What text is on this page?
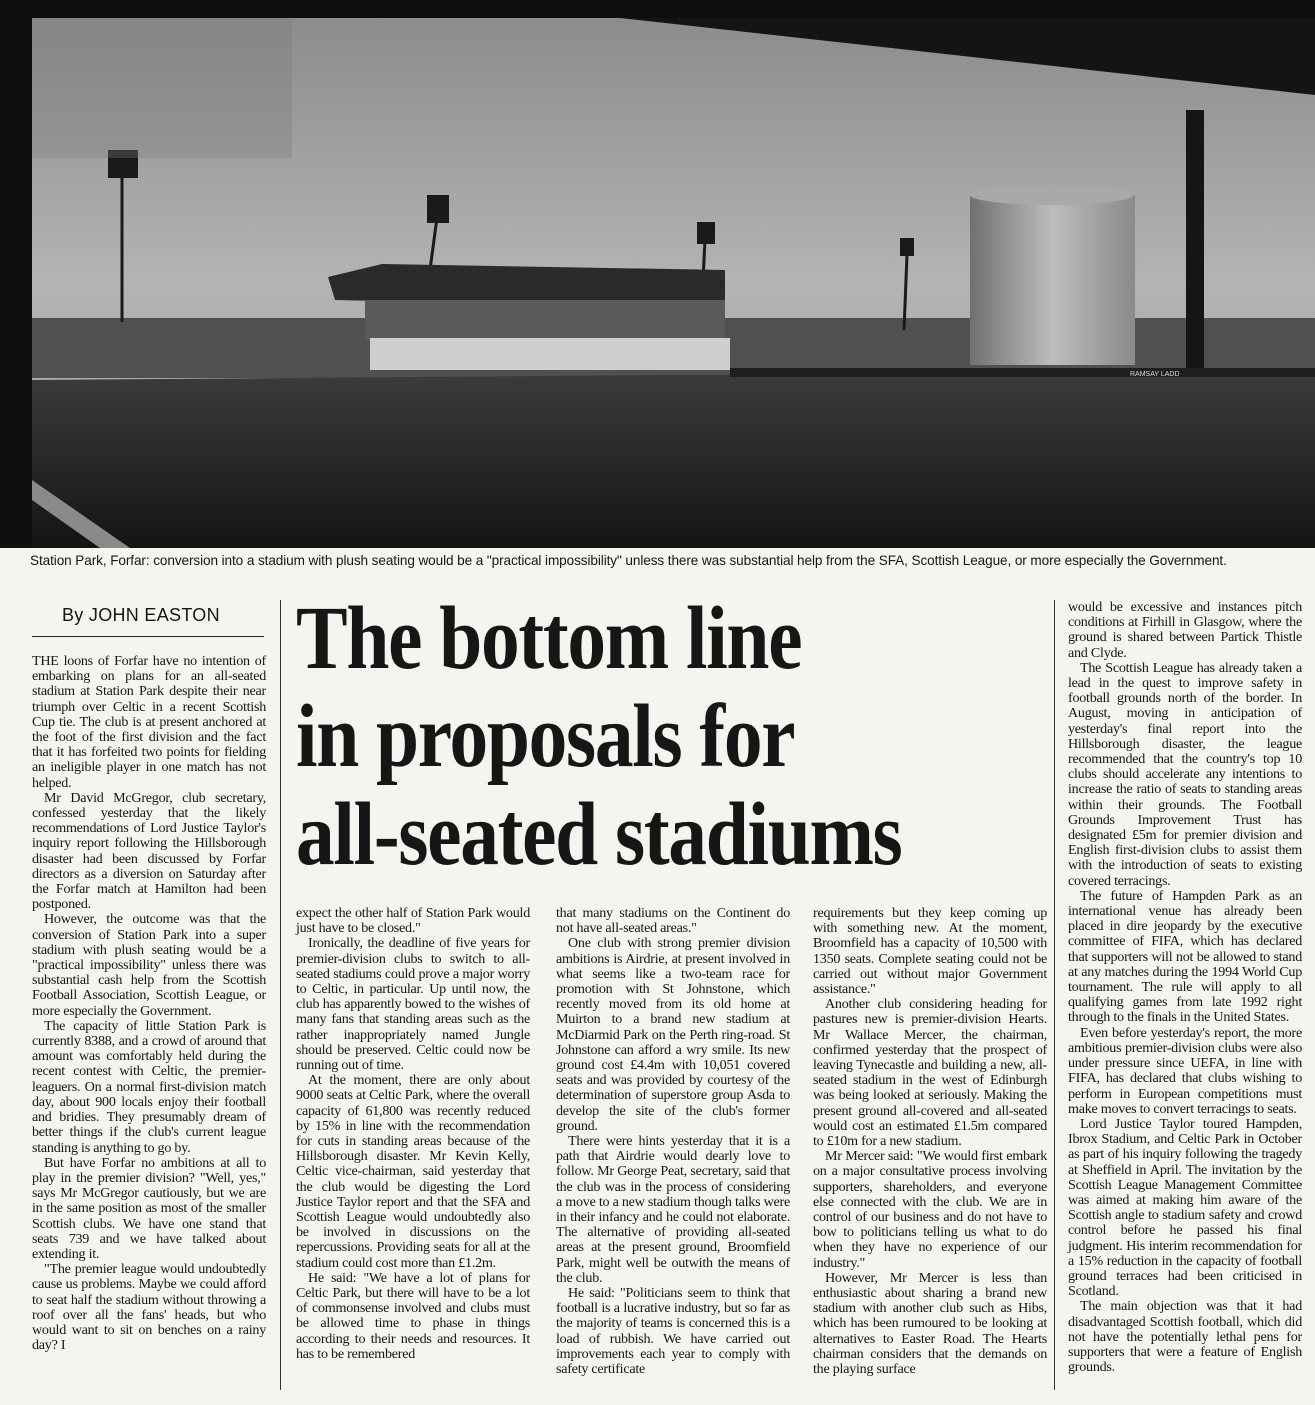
RAMSAY LADD
Station Park, Forfar: conversion into a stadium with plush seating would be a "practical impossibility" unless there was substantial help from the SFA, Scottish League, or more especially the Government.
By JOHN EASTON The bottom line
in proposals for
all-seated stadiums

THE loons of Forfar have no intention of embarking on plans for an all-seated stadium at Station Park despite their near triumph over Celtic in a recent Scottish Cup tie. The club is at present anchored at the foot of the first division and the fact that it has forfeited two points for fielding an ineligible player in one match has not helped.

Mr David McGregor, club secretary, confessed yesterday that the likely recommendations of Lord Justice Taylor's inquiry report following the Hillsborough disaster had been discussed by Forfar directors as a diversion on Saturday after the Forfar match at Hamilton had been postponed.

However, the outcome was that the conversion of Station Park into a super stadium with plush seating would be a "practical impossibility" unless there was substantial cash help from the Scottish Football Association, Scottish League, or more especially the Government.

The capacity of little Station Park is currently 8388, and a crowd of around that amount was comfortably held during the recent contest with Celtic, the premier-leaguers. On a normal first-division match day, about 900 locals enjoy their football and bridies. They presumably dream of better things if the club's current league standing is anything to go by.

But have Forfar no ambitions at all to play in the premier division? "Well, yes," says Mr McGregor cautiously, but we are in the same position as most of the smaller Scottish clubs. We have one stand that seats 739 and we have talked about extending it.

"The premier league would undoubtedly cause us problems. Maybe we could afford to seat half the stadium without throwing a roof over all the fans' heads, but who would want to sit on benches on a rainy day? I

expect the other half of Station Park would just have to be closed."

Ironically, the deadline of five years for premier-division clubs to switch to all-seated stadiums could prove a major worry to Celtic, in particular. Up until now, the club has apparently bowed to the wishes of many fans that standing areas such as the rather inappropriately named Jungle should be preserved. Celtic could now be running out of time.

At the moment, there are only about 9000 seats at Celtic Park, where the overall capacity of 61,800 was recently reduced by 15% in line with the recommendation for cuts in standing areas because of the Hillsborough disaster. Mr Kevin Kelly, Celtic vice-chairman, said yesterday that the club would be digesting the Lord Justice Taylor report and that the SFA and Scottish League would undoubtedly also be involved in discussions on the repercussions. Providing seats for all at the stadium could cost more than £1.2m.

He said: "We have a lot of plans for Celtic Park, but there will have to be a lot of commonsense involved and clubs must be allowed time to phase in things according to their needs and resources. It has to be remembered

that many stadiums on the Continent do not have all-seated areas."

One club with strong premier division ambitions is Airdrie, at present involved in what seems like a two-team race for promotion with St Johnstone, which recently moved from its old home at Muirton to a brand new stadium at McDiarmid Park on the Perth ring-road. St Johnstone can afford a wry smile. Its new ground cost £4.4m with 10,051 covered seats and was provided by courtesy of the determination of superstore group Asda to develop the site of the club's former ground.

There were hints yesterday that it is a path that Airdrie would dearly love to follow. Mr George Peat, secretary, said that the club was in the process of considering a move to a new stadium though talks were in their infancy and he could not elaborate. The alternative of providing all-seated areas at the present ground, Broomfield Park, might well be outwith the means of the club.

He said: "Politicians seem to think that football is a lucrative industry, but so far as the majority of teams is concerned this is a load of rubbish. We have carried out improvements each year to comply with safety certificate

requirements but they keep coming up with something new. At the moment, Broomfield has a capacity of 10,500 with 1350 seats. Complete seating could not be carried out without major Government assistance."

Another club considering heading for pastures new is premier-division Hearts. Mr Wallace Mercer, the chairman, confirmed yesterday that the prospect of leaving Tynecastle and building a new, all-seated stadium in the west of Edinburgh was being looked at seriously. Making the present ground all-covered and all-seated would cost an estimated £1.5m compared to £10m for a new stadium.

Mr Mercer said: "We would first embark on a major consultative process involving supporters, shareholders, and everyone else connected with the club. We are in control of our business and do not have to bow to politicians telling us what to do when they have no experience of our industry."

However, Mr Mercer is less than enthusiastic about sharing a brand new stadium with another club such as Hibs, which has been rumoured to be looking at alternatives to Easter Road. The Hearts chairman considers that the demands on the playing surface

would be excessive and instances pitch conditions at Firhill in Glasgow, where the ground is shared between Partick Thistle and Clyde.

The Scottish League has already taken a lead in the quest to improve safety in football grounds north of the border. In August, moving in anticipation of yesterday's final report into the Hillsborough disaster, the league recommended that the country's top 10 clubs should accelerate any intentions to increase the ratio of seats to standing areas within their grounds. The Football Grounds Improvement Trust has designated £5m for premier division and English first-division clubs to assist them with the introduction of seats to existing covered terracings.

The future of Hampden Park as an international venue has already been placed in dire jeopardy by the executive committee of FIFA, which has declared that supporters will not be allowed to stand at any matches during the 1994 World Cup tournament. The rule will apply to all qualifying games from late 1992 right through to the finals in the United States.

Even before yesterday's report, the more ambitious premier-division clubs were also under pressure since UEFA, in line with FIFA, has declared that clubs wishing to perform in European competitions must make moves to convert terracings to seats.

Lord Justice Taylor toured Hampden, Ibrox Stadium, and Celtic Park in October as part of his inquiry following the tragedy at Sheffield in April. The invitation by the Scottish League Management Committee was aimed at making him aware of the Scottish angle to stadium safety and crowd control before he passed his final judgment. His interim recommendation for a 15% reduction in the capacity of football ground terraces had been criticised in Scotland.

The main objection was that it had disadvantaged Scottish football, which did not have the potentially lethal pens for supporters that were a feature of English grounds.
